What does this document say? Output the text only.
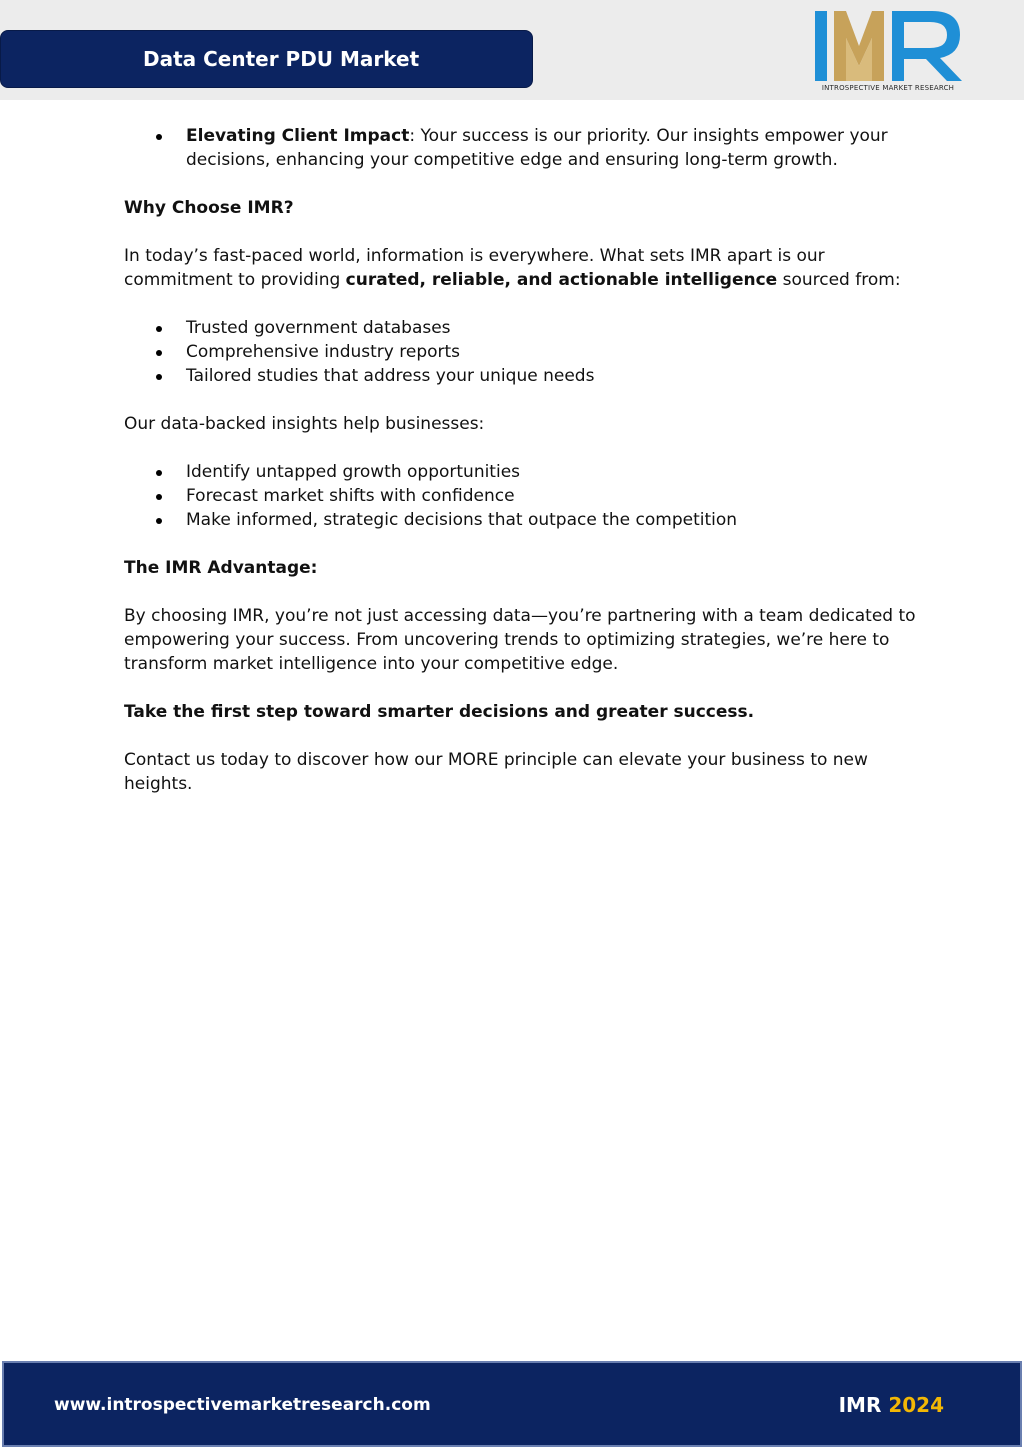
Data Center PDU Market
INTROSPECTIVE MARKET RESEARCH
Elevating Client Impact: Your success is our priority. Our insights empower your decisions, enhancing your competitive edge and ensuring long-term growth.

Why Choose IMR?

In today’s fast-paced world, information is everywhere. What sets IMR apart is our commitment to providing curated, reliable, and actionable intelligence sourced from:

Trusted government databases
Comprehensive industry reports
Tailored studies that address your unique needs

Our data-backed insights help businesses:

Identify untapped growth opportunities
Forecast market shifts with confidence
Make informed, strategic decisions that outpace the competition

The IMR Advantage:

By choosing IMR, you’re not just accessing data—you’re partnering with a team dedicated to empowering your success. From uncovering trends to optimizing strategies, we’re here to transform market intelligence into your competitive edge.

Take the first step toward smarter decisions and greater success.

Contact us today to discover how our MORE principle can elevate your business to new heights.

www.introspectivemarketresearch.com	IMR 2024
